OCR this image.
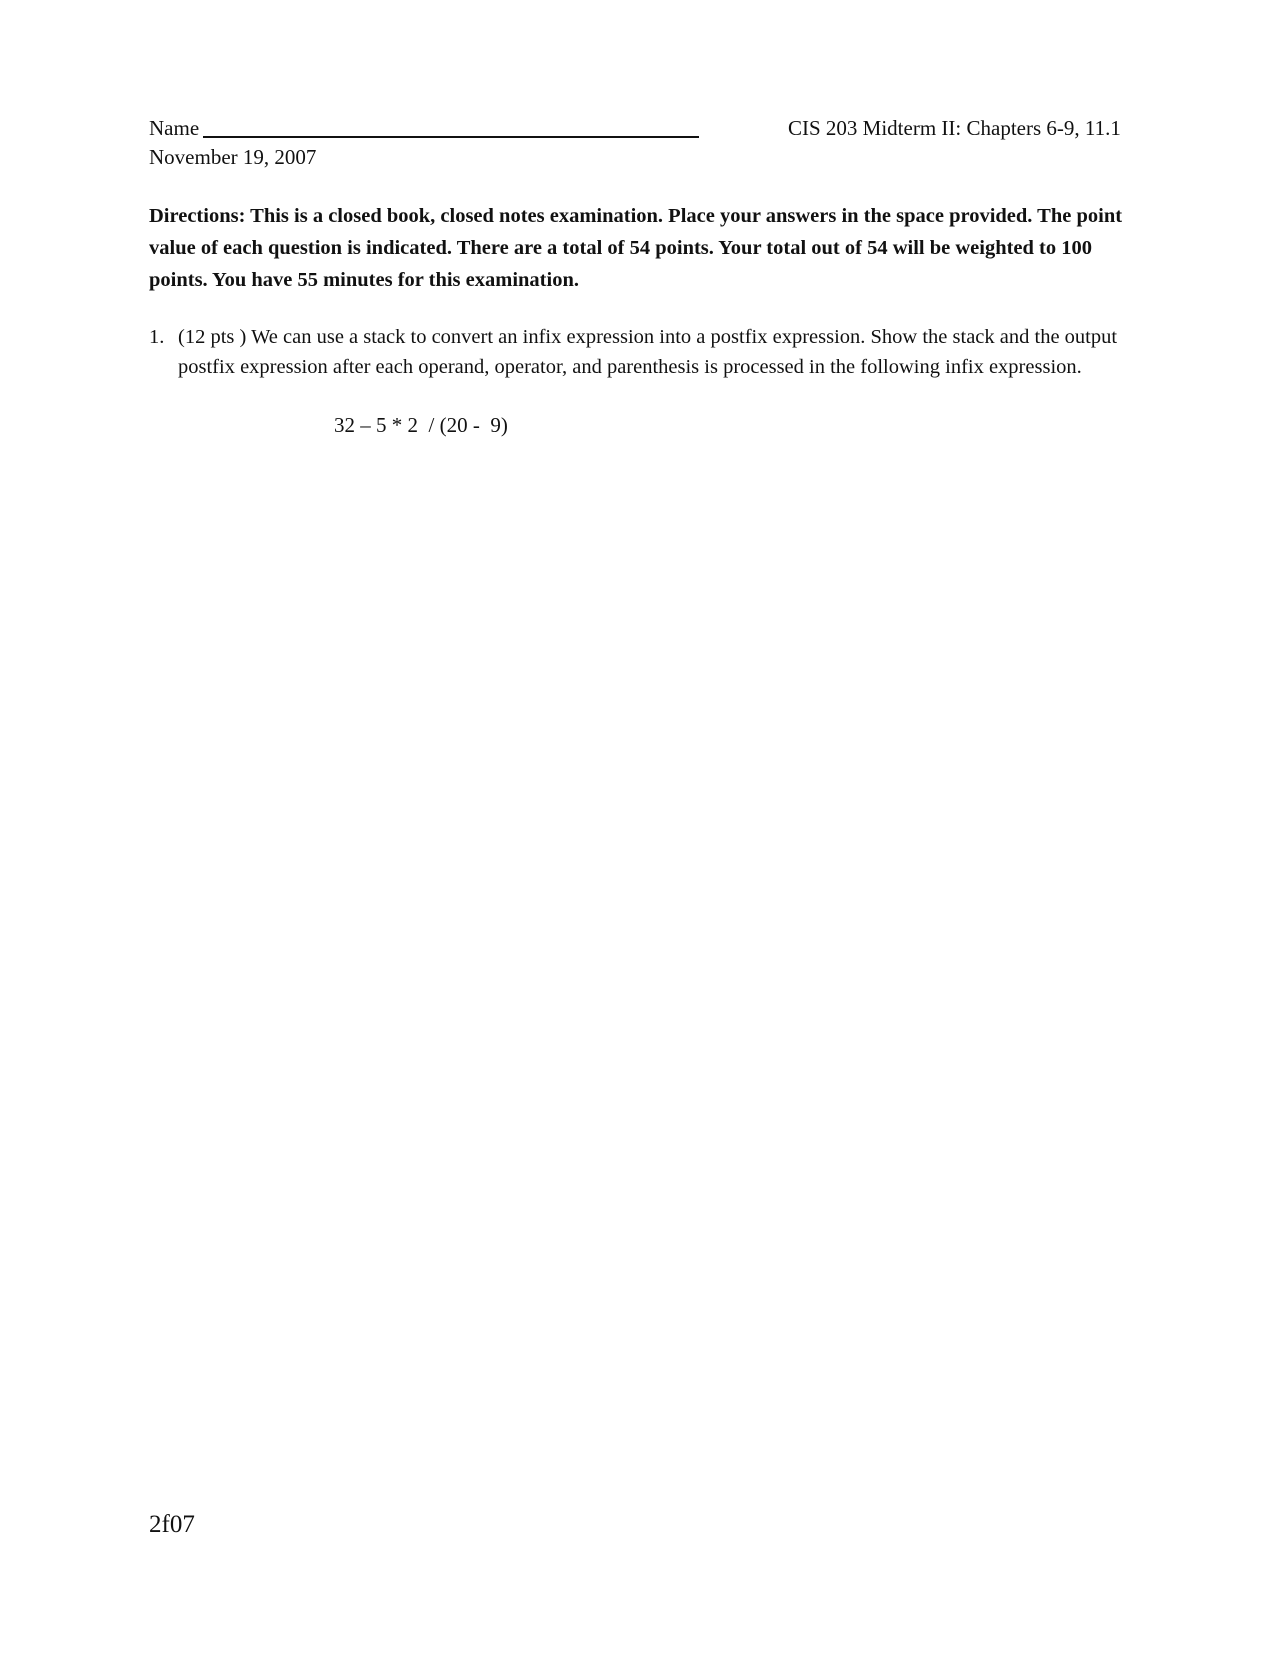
Name	CIS 203 Midterm II: Chapters 6-9, 11.1
November 19, 2007

Directions: This is a closed book, closed notes examination. Place your answers in the space provided. The point value of each question is indicated. There are a total of 54 points. Your total out of 54 will be weighted to 100 points. You have 55 minutes for this examination.

1. (12 pts ) We can use a stack to convert an infix expression into a postfix expression. Show the stack and the output postfix expression after each operand, operator, and parenthesis is processed in the following infix expression.

32 – 5 * 2  / (20 -  9)
2f07
